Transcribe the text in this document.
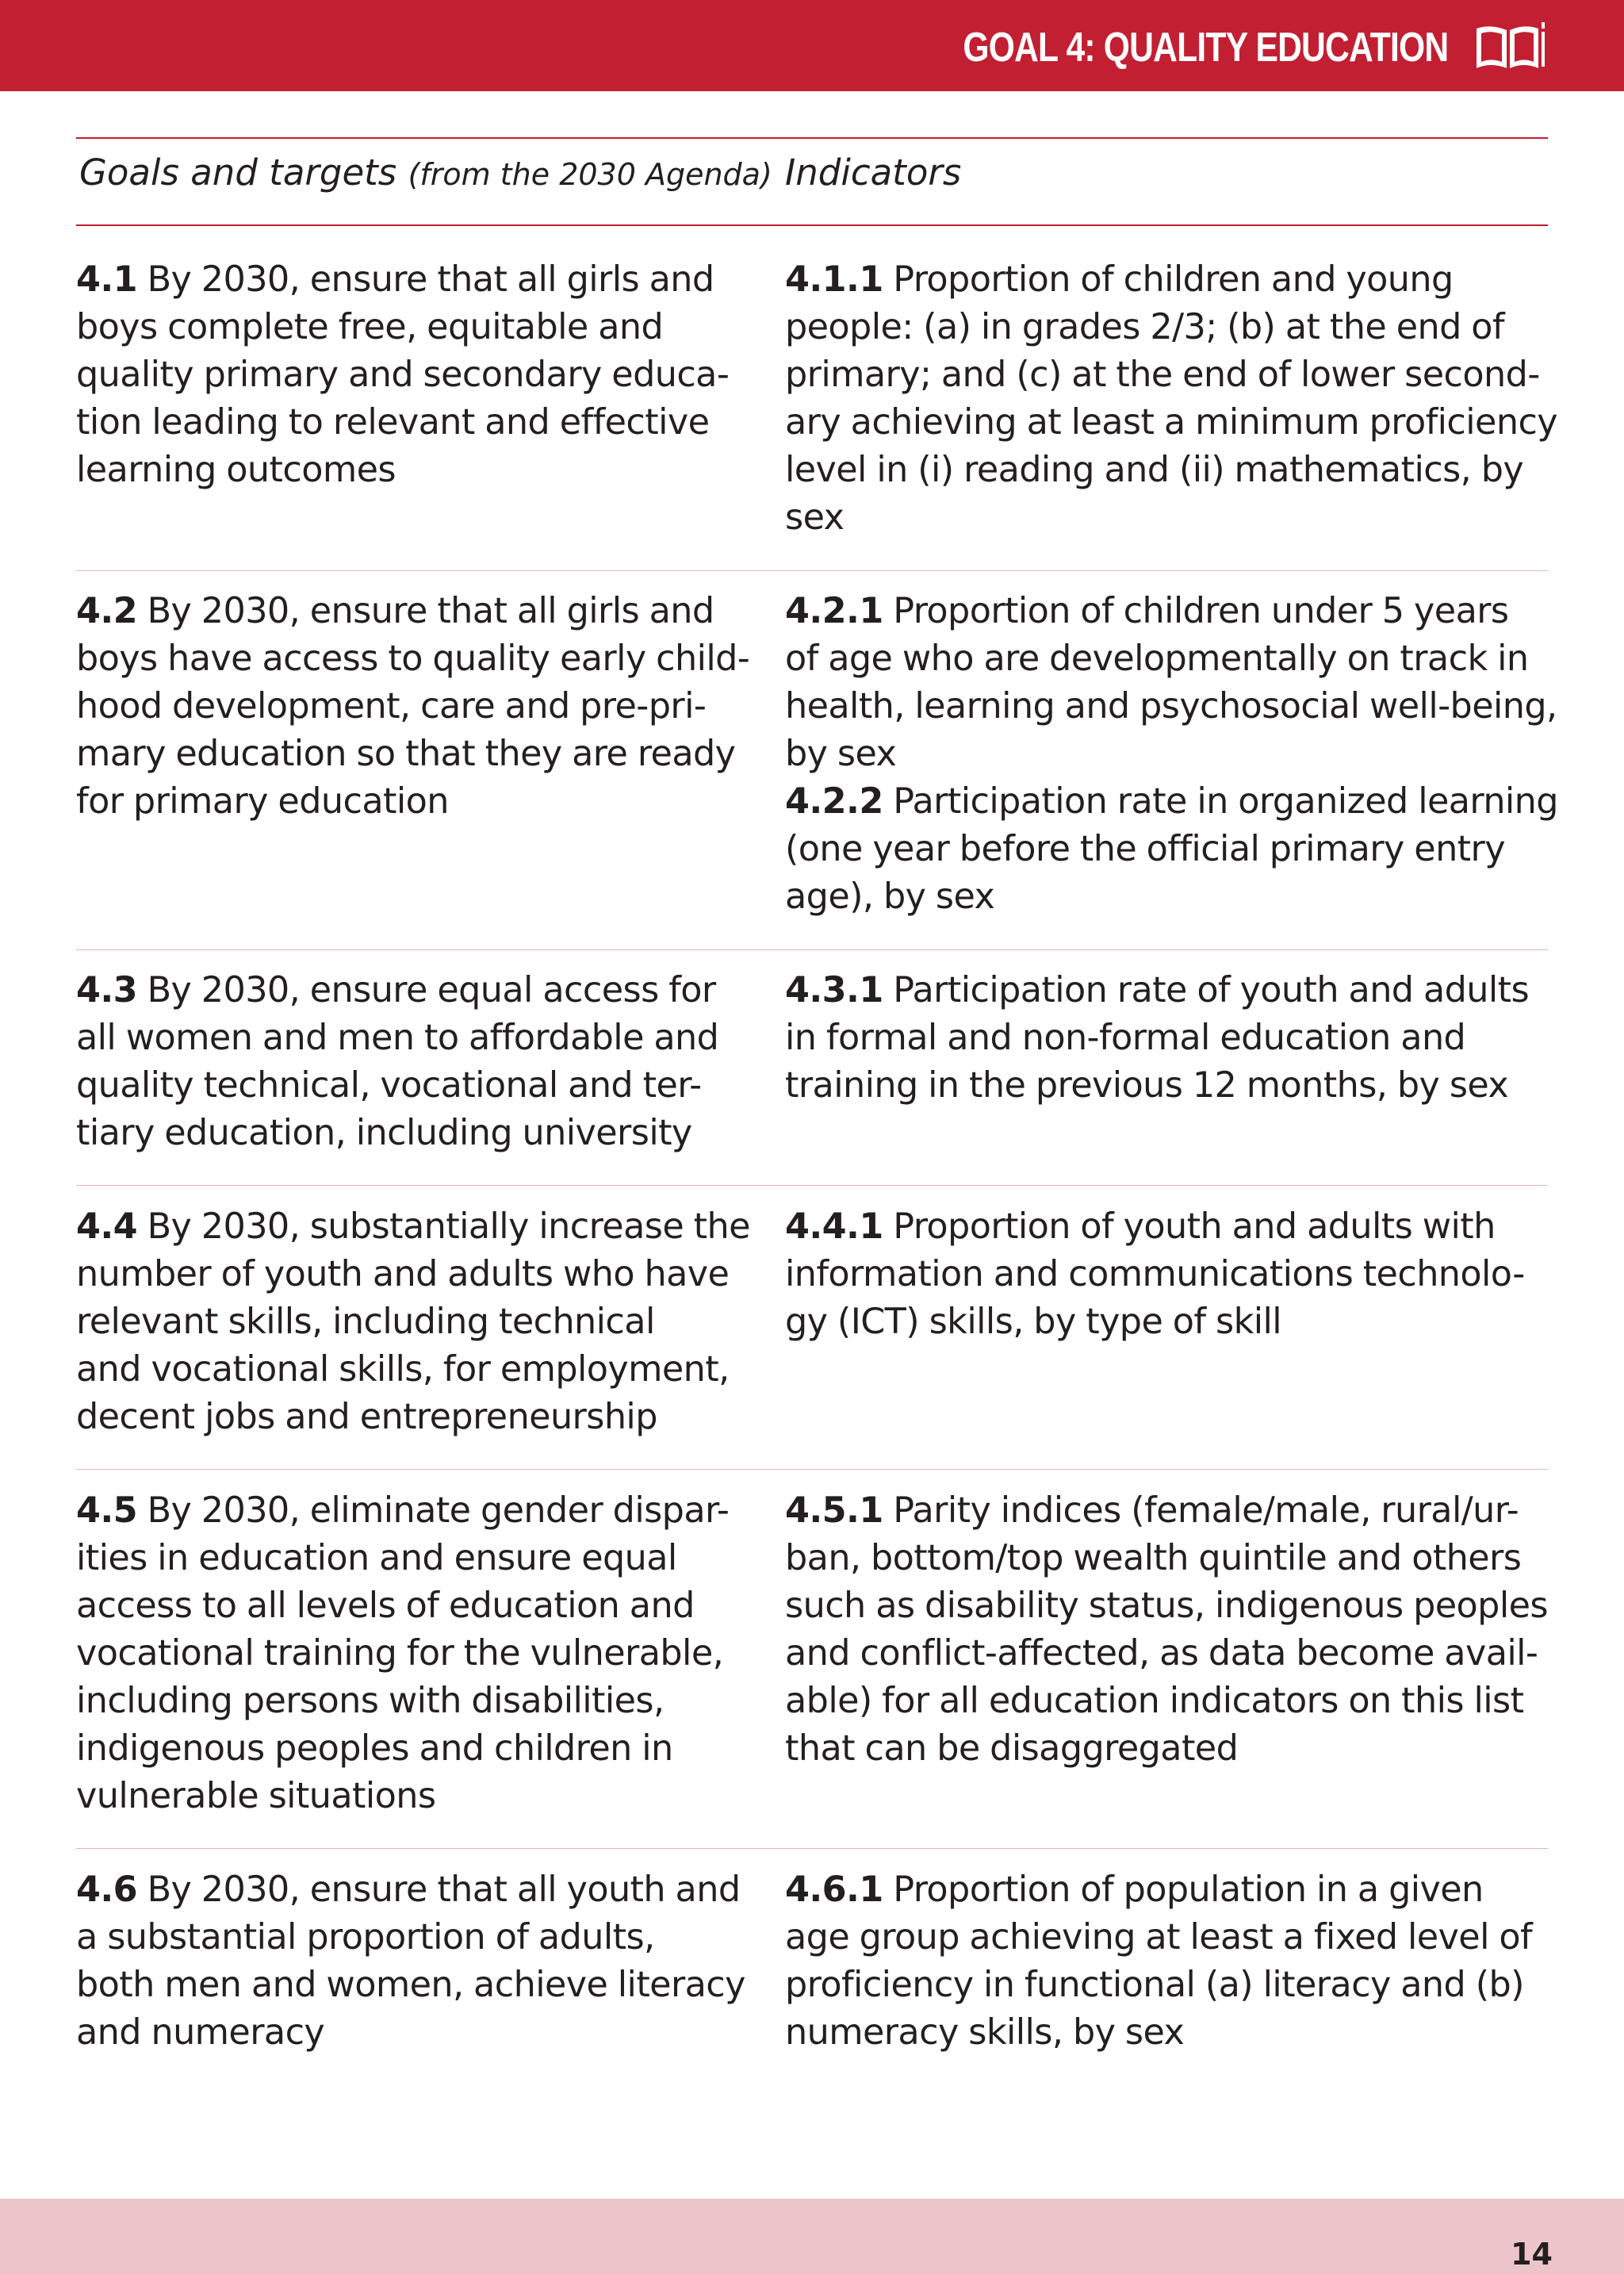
GOAL 4: QUALITY EDUCATION
Goals and targets (from the 2030 Agenda) Indicators
4.1 By 2030, ensure that all girls and
boys complete free, equitable and
quality primary and secondary educa-
tion leading to relevant and effective
learning outcomes
4.1.1 Proportion of children and young
people: (a) in grades 2/3; (b) at the end of
primary; and (c) at the end of lower second-
ary achieving at least a minimum proficiency
level in (i) reading and (ii) mathematics, by
sex
4.2 By 2030, ensure that all girls and
boys have access to quality early child-
hood development, care and pre-pri-
mary education so that they are ready
for primary education
4.2.1 Proportion of children under 5 years
of age who are developmentally on track in
health, learning and psychosocial well-being,
by sex
4.2.2 Participation rate in organized learning
(one year before the official primary entry
age), by sex
4.3 By 2030, ensure equal access for
all women and men to affordable and
quality technical, vocational and ter-
tiary education, including university
4.3.1 Participation rate of youth and adults
in formal and non-formal education and
training in the previous 12 months, by sex
4.4 By 2030, substantially increase the
number of youth and adults who have
relevant skills, including technical
and vocational skills, for employment,
decent jobs and entrepreneurship
4.4.1 Proportion of youth and adults with
information and communications technolo-
gy (ICT) skills, by type of skill
4.5 By 2030, eliminate gender dispar-
ities in education and ensure equal
access to all levels of education and
vocational training for the vulnerable,
including persons with disabilities,
indigenous peoples and children in
vulnerable situations
4.5.1 Parity indices (female/male, rural/ur-
ban, bottom/top wealth quintile and others
such as disability status, indigenous peoples
and conflict-affected, as data become avail-
able) for all education indicators on this list
that can be disaggregated
4.6 By 2030, ensure that all youth and
a substantial proportion of adults,
both men and women, achieve literacy
and numeracy
4.6.1 Proportion of population in a given
age group achieving at least a fixed level of
proficiency in functional (a) literacy and (b)
numeracy skills, by sex
14
